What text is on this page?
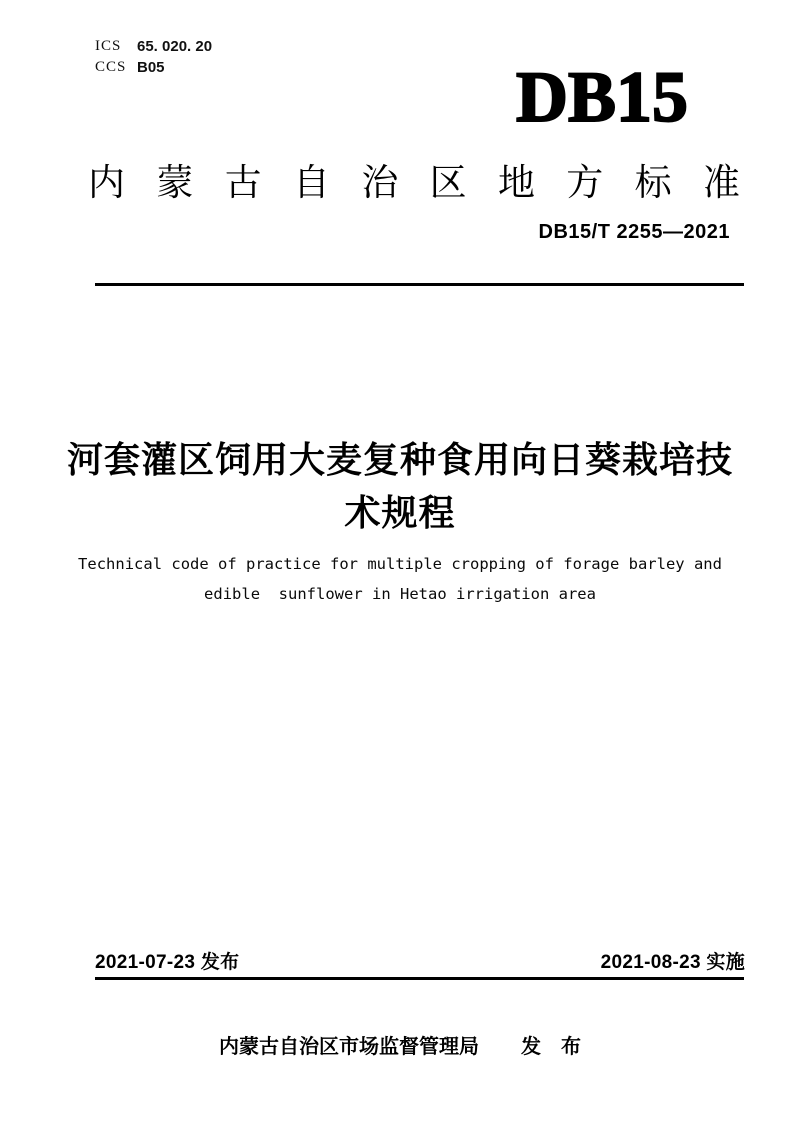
ICS	65. 020. 20
CCS B05	DB15
内 蒙 古 自 治 区 地 方 标 准
DB15/T 2255—2021
河套灌区饲用大麦复种食用向日葵栽培技
术规程
Technical code of practice for multiple cropping of forage barley and
edible  sunflower in Hetao irrigation area
2021-07-23 发布	2021-08-23 实施
内蒙古自治区市场监督管理局 发　布
